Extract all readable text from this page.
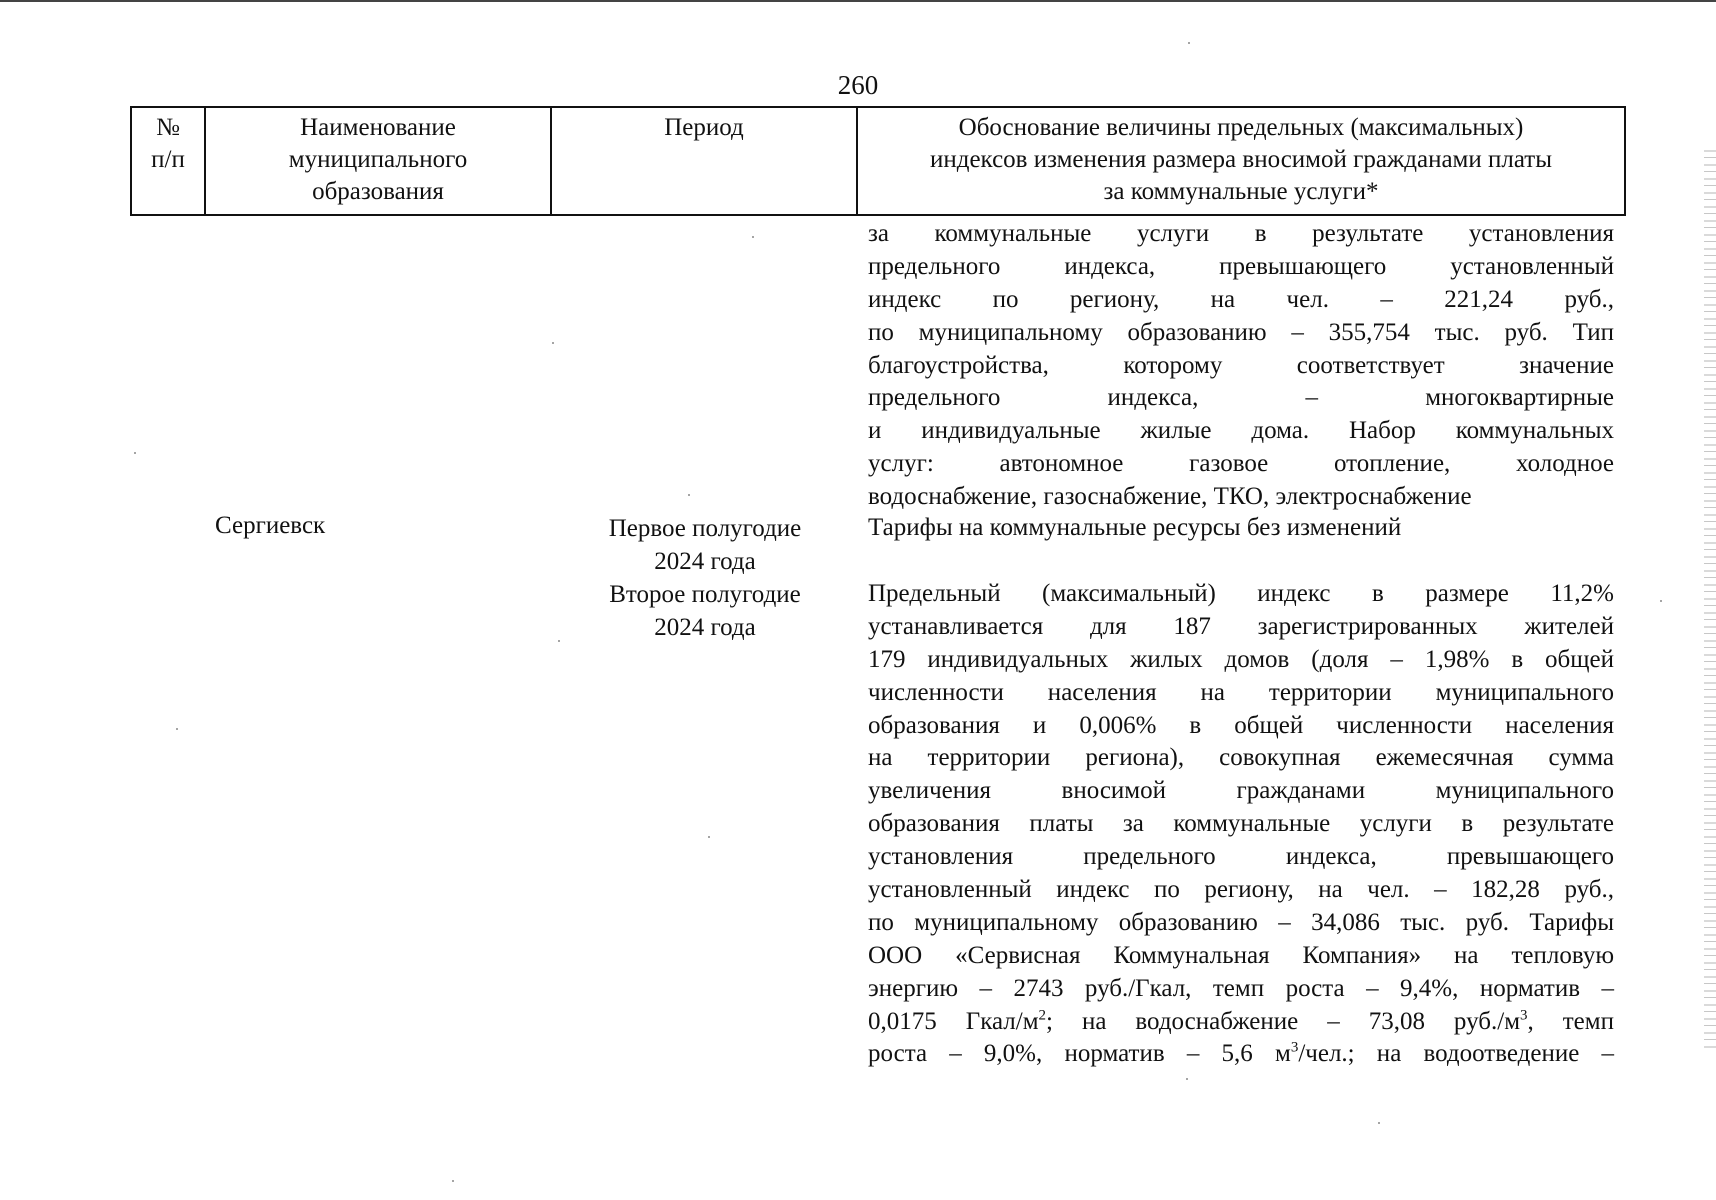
260
№
п/п
Наименование
муниципального
образования
Период	Обоснование величины предельных (максимальных)
индексов изменения размера вносимой гражданами платы
за коммунальные услуги*
за коммунальные услуги в результате установления
предельного индекса, превышающего установленный
индекс по региону, на чел. – 221,24 руб.,
по муниципальному образованию – 355,754 тыс. руб. Тип
благоустройства, которому соответствует значение
предельного индекса, – многоквартирные
и индивидуальные жилые дома. Набор коммунальных
услуг: автономное газовое отопление, холодное
водоснабжение, газоснабжение, ТКО, электроснабжение
Сергиевск	Первое полугодие
2024 года
Тарифы на коммунальные ресурсы без изменений
Второе полугодие
2024 года
Предельный (максимальный) индекс в размере 11,2%
устанавливается для 187 зарегистрированных жителей
179 индивидуальных жилых домов (доля – 1,98% в общей
численности населения на территории муниципального
образования и 0,006% в общей численности населения
на территории региона), совокупная ежемесячная сумма
увеличения вносимой гражданами муниципального
образования платы за коммунальные услуги в результате
установления предельного индекса, превышающего
установленный индекс по региону, на чел. – 182,28 руб.,
по муниципальному образованию – 34,086 тыс. руб. Тарифы
ООО «Сервисная Коммунальная Компания» на тепловую
энергию – 2743 руб./Гкал, темп роста – 9,4%, норматив –
0,0175 Гкал/$м^2$; на водоснабжение – 73,08 $руб./м^3$, темп
роста – 9,0%, норматив – 5,6 $м^3$/чел.; на водоотведение –
